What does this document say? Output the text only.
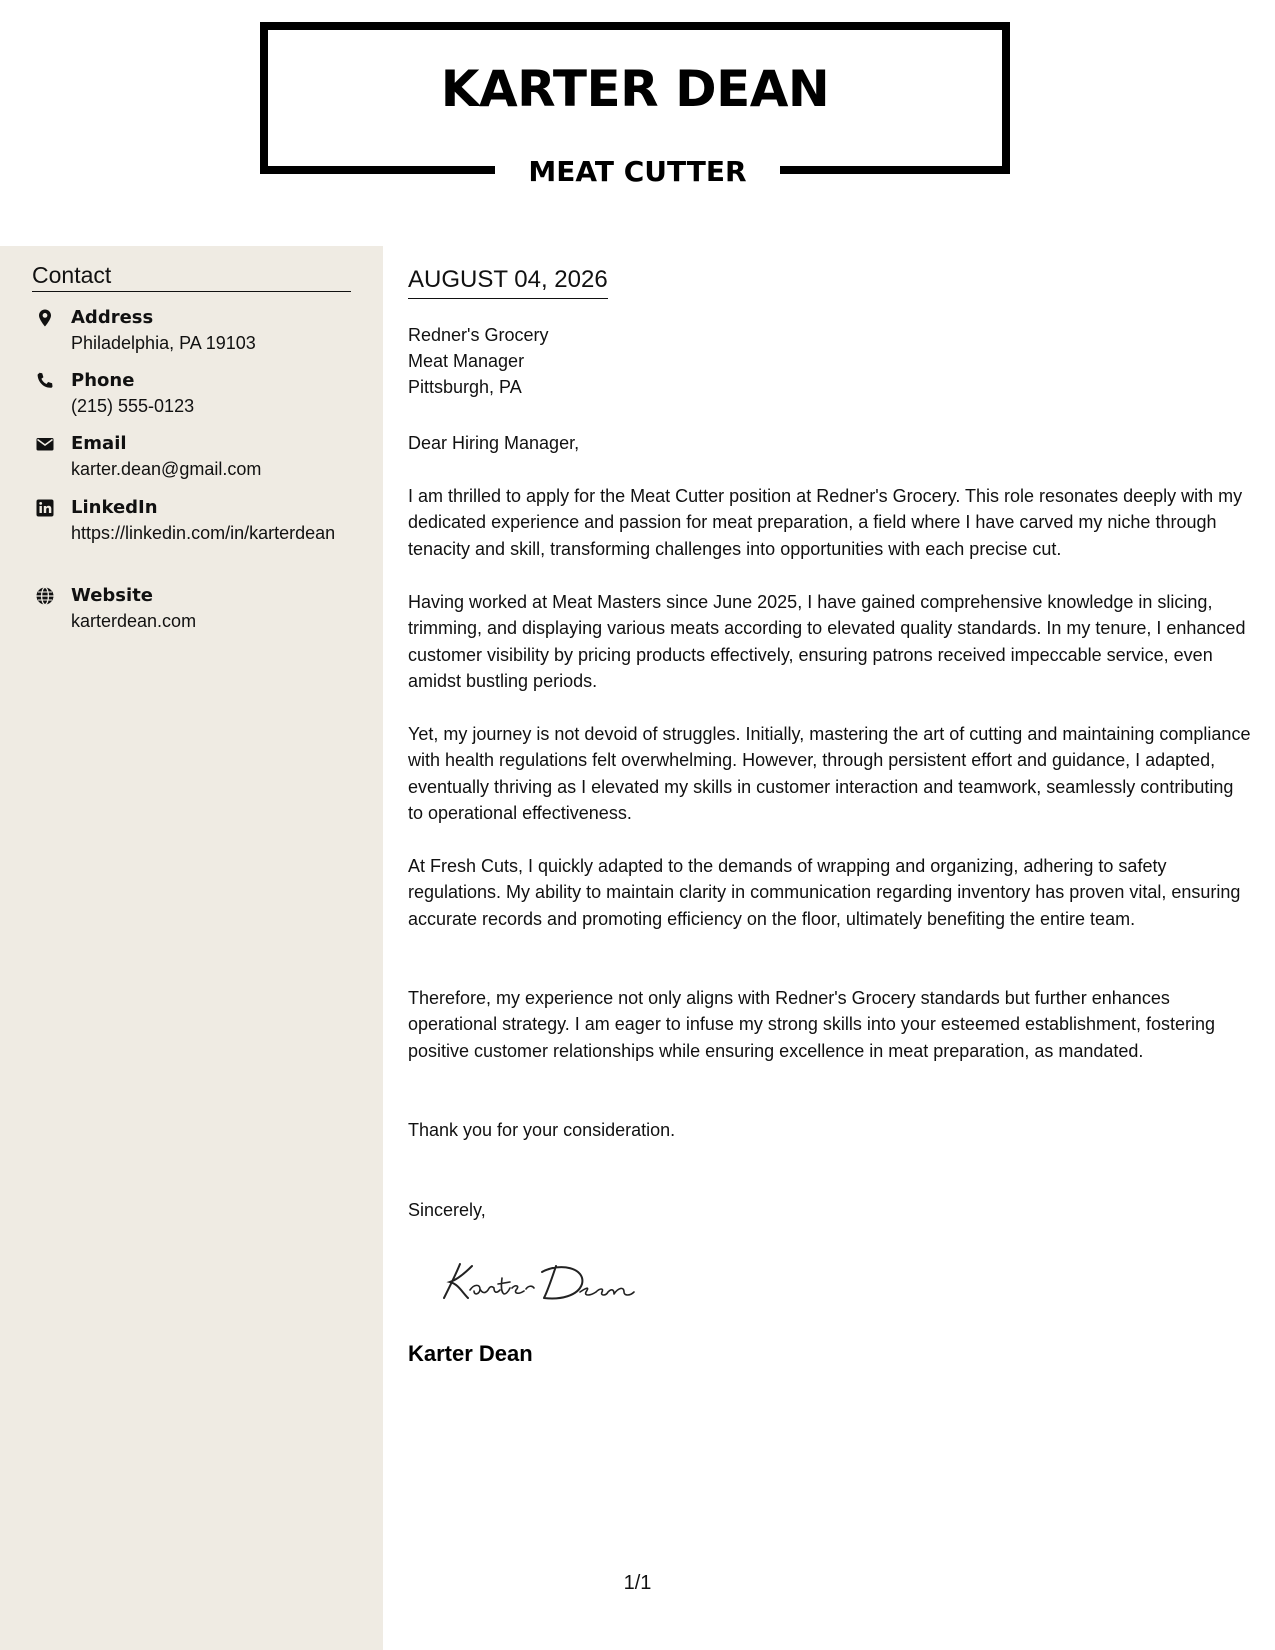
KARTER DEAN
MEAT CUTTER
Contact
Address
Philadelphia, PA 19103
Phone
(215) 555-0123
Email
karter.dean@gmail.com
LinkedIn
https://linkedin.com/in/karterdean
Website
karterdean.com
AUGUST 04, 2026
Redner's Grocery
Meat Manager
Pittsburgh, PA
Dear Hiring Manager,
I am thrilled to apply for the Meat Cutter position at Redner's Grocery. This role resonates deeply with my dedicated experience and passion for meat preparation, a field where I have carved my niche through tenacity and skill, transforming challenges into opportunities with each precise cut.
Having worked at Meat Masters since June 2025, I have gained comprehensive knowledge in slicing, trimming, and displaying various meats according to elevated quality standards. In my tenure, I enhanced customer visibility by pricing products effectively, ensuring patrons received impeccable service, even amidst bustling periods.
Yet, my journey is not devoid of struggles. Initially, mastering the art of cutting and maintaining compliance with health regulations felt overwhelming. However, through persistent effort and guidance, I adapted, eventually thriving as I elevated my skills in customer interaction and teamwork, seamlessly contributing to operational effectiveness.
At Fresh Cuts, I quickly adapted to the demands of wrapping and organizing, adhering to safety regulations. My ability to maintain clarity in communication regarding inventory has proven vital, ensuring accurate records and promoting efficiency on the floor, ultimately benefiting the entire team.
Therefore, my experience not only aligns with Redner's Grocery standards but further enhances operational strategy. I am eager to infuse my strong skills into your esteemed establishment, fostering positive customer relationships while ensuring excellence in meat preparation, as mandated.
Thank you for your consideration.
Sincerely,
Karter Dean
1/1
